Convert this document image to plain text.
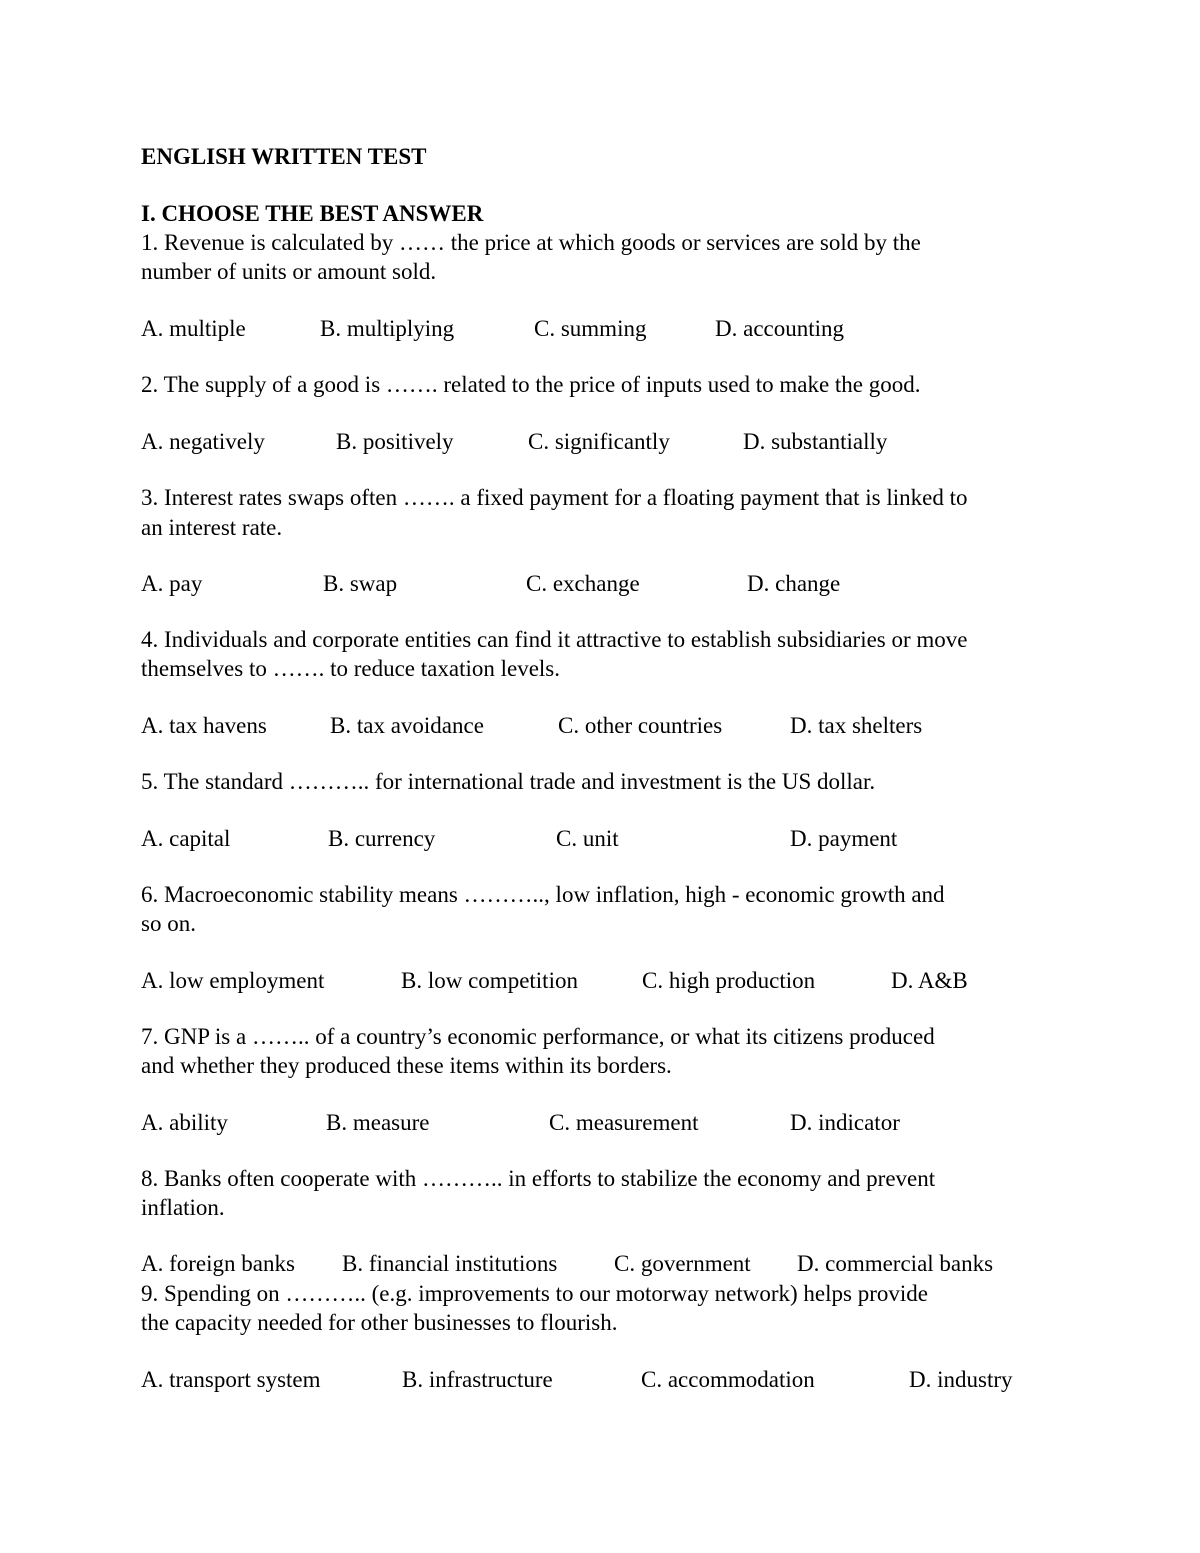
ENGLISH WRITTEN TEST
I. CHOOSE THE BEST ANSWER
1. Revenue is calculated by …… the price at which goods or services are sold by the
number of units or amount sold.
A. multiple	B. multiplying	C. summing	D. accounting
2. The supply of a good is ……. related to the price of inputs used to make the good.
A. negatively	B. positively	C. significantly	D. substantially
3. Interest rates swaps often ……. a fixed payment for a floating payment that is linked to
an interest rate.
A. pay	B. swap	C. exchange	D. change
4. Individuals and corporate entities can find it attractive to establish subsidiaries or move
themselves to ……. to reduce taxation levels.
A. tax havens	B. tax avoidance	C. other countries	D. tax shelters
5. The standard ……….. for international trade and investment is the US dollar.
A. capital	B. currency	C. unit	D. payment
6. Macroeconomic stability means ……….., low inflation, high - economic growth and
so on.
A. low employment	B. low competition	C. high production	D. A&B
7. GNP is a …….. of a country’s economic performance, or what its citizens produced
and whether they produced these items within its borders.
A. ability	B. measure	C. measurement	D. indicator
8. Banks often cooperate with ……….. in efforts to stabilize the economy and prevent
inflation.
A. foreign banks B. financial institutions C. government D. commercial banks
9. Spending on ……….. (e.g. improvements to our motorway network) helps provide
the capacity needed for other businesses to flourish.
A. transport system	B. infrastructure	C. accommodation	D. industry
